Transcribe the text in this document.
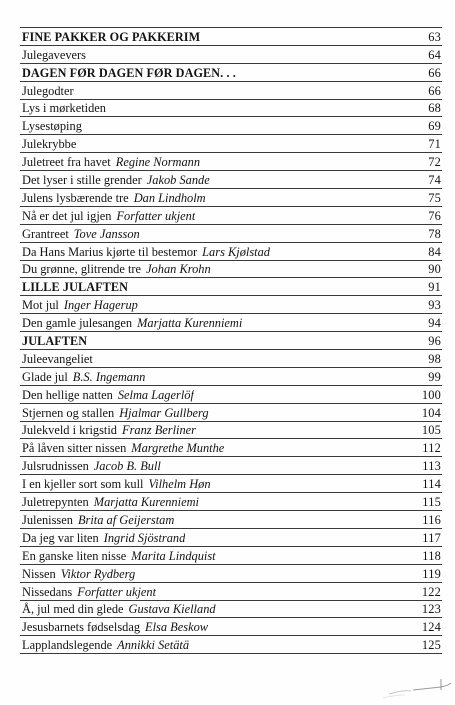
FINE PAKKER OG PAKKERIM	63
Julegavevers	64
DAGEN FØR DAGEN FØR DAGEN. . .	66
Julegodter	66
Lys i mørketiden	68
Lysestøping	69
Julekrybbe	71
Juletreet fra havet Regine Normann	72
Det lyser i stille grender Jakob Sande	74
Julens lysbærende tre Dan Lindholm	75
Nå er det jul igjen Forfatter ukjent	76
Grantreet Tove Jansson	78
Da Hans Marius kjørte til bestemor Lars Kjølstad	84
Du grønne, glitrende tre Johan Krohn	90
LILLE JULAFTEN	91
Mot jul Inger Hagerup	93
Den gamle julesangen Marjatta Kurenniemi	94
JULAFTEN	96
Juleevangeliet	98
Glade jul B.S. Ingemann	99
Den hellige natten Selma Lagerlöf	100
Stjernen og stallen Hjalmar Gullberg	104
Julekveld i krigstid Franz Berliner	105
På låven sitter nissen Margrethe Munthe	112
Julsrudnissen Jacob B. Bull	113
I en kjeller sort som kull Vilhelm Høn	114
Juletrepynten Marjatta Kurenniemi	115
Julenissen Brita af Geijerstam	116
Da jeg var liten Ingrid Sjöstrand	117
En ganske liten nisse Marita Lindquist	118
Nissen Viktor Rydberg	119
Nissedans Forfatter ukjent	122
Å, jul med din glede Gustava Kielland	123
Jesusbarnets fødselsdag Elsa Beskow	124
Lapplandslegende Annikki Setätä	125
